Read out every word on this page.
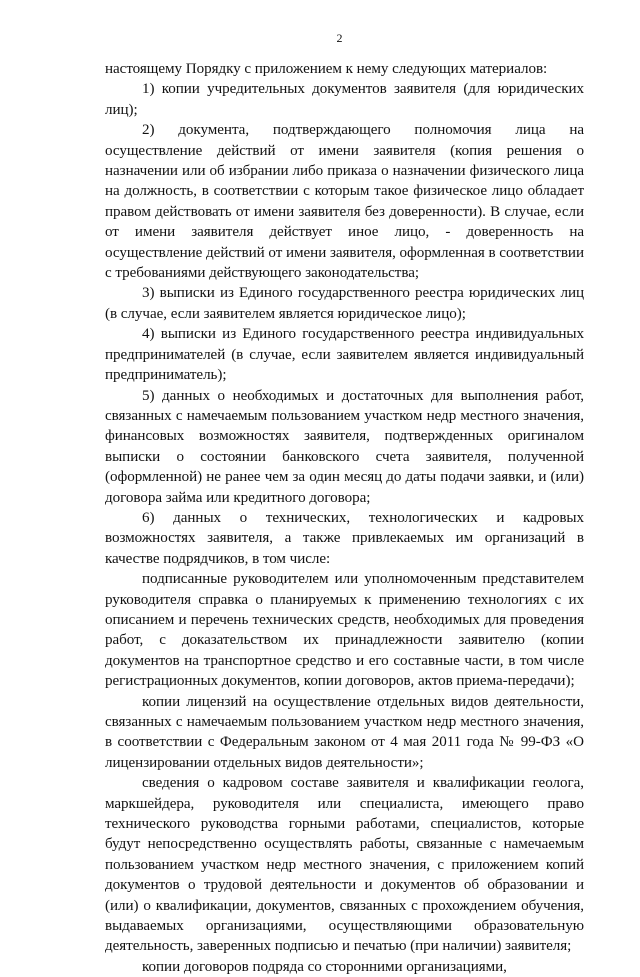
2

настоящему Порядку с приложением к нему следующих материалов:

1) копии учредительных документов заявителя (для юридических лиц);

2) документа, подтверждающего полномочия лица на осуществление действий от имени заявителя (копия решения о назначении или об избрании либо приказа о назначении физического лица на должность, в соответствии с которым такое физическое лицо обладает правом действовать от имени заявителя без доверенности). В случае, если от имени заявителя действует иное лицо, - доверенность на осуществление действий от имени заявителя, оформленная в соответствии с требованиями действующего законодательства;

3) выписки из Единого государственного реестра юридических лиц (в случае, если заявителем является юридическое лицо);

4) выписки из Единого государственного реестра индивидуальных предпринимателей (в случае, если заявителем является индивидуальный предприниматель);

5) данных о необходимых и достаточных для выполнения работ, связанных с намечаемым пользованием участком недр местного значения, финансовых возможностях заявителя, подтвержденных оригиналом выписки о состоянии банковского счета заявителя, полученной (оформленной) не ранее чем за один месяц до даты подачи заявки, и (или) договора займа или кредитного договора;

6) данных о технических, технологических и кадровых возможностях заявителя, а также привлекаемых им организаций в качестве подрядчиков, в том числе:

подписанные руководителем или уполномоченным представителем руководителя справка о планируемых к применению технологиях с их описанием и перечень технических средств, необходимых для проведения работ, с доказательством их принадлежности заявителю (копии документов на транспортное средство и его составные части, в том числе регистрационных документов, копии договоров, актов приема-передачи);

копии лицензий на осуществление отдельных видов деятельности, связанных с намечаемым пользованием участком недр местного значения, в соответствии с Федеральным законом от 4 мая 2011 года № 99-ФЗ «О лицензировании отдельных видов деятельности»;

сведения о кадровом составе заявителя и квалификации геолога, маркшейдера, руководителя или специалиста, имеющего право технического руководства горными работами, специалистов, которые будут непосредственно осуществлять работы, связанные с намечаемым пользованием участком недр местного значения, с приложением копий документов о трудовой деятельности и документов об образовании и (или) о квалификации, документов, связанных с прохождением обучения, выдаваемых организациями, осуществляющими образовательную деятельность, заверенных подписью и печатью (при наличии) заявителя;

копии договоров подряда со сторонними организациями,
